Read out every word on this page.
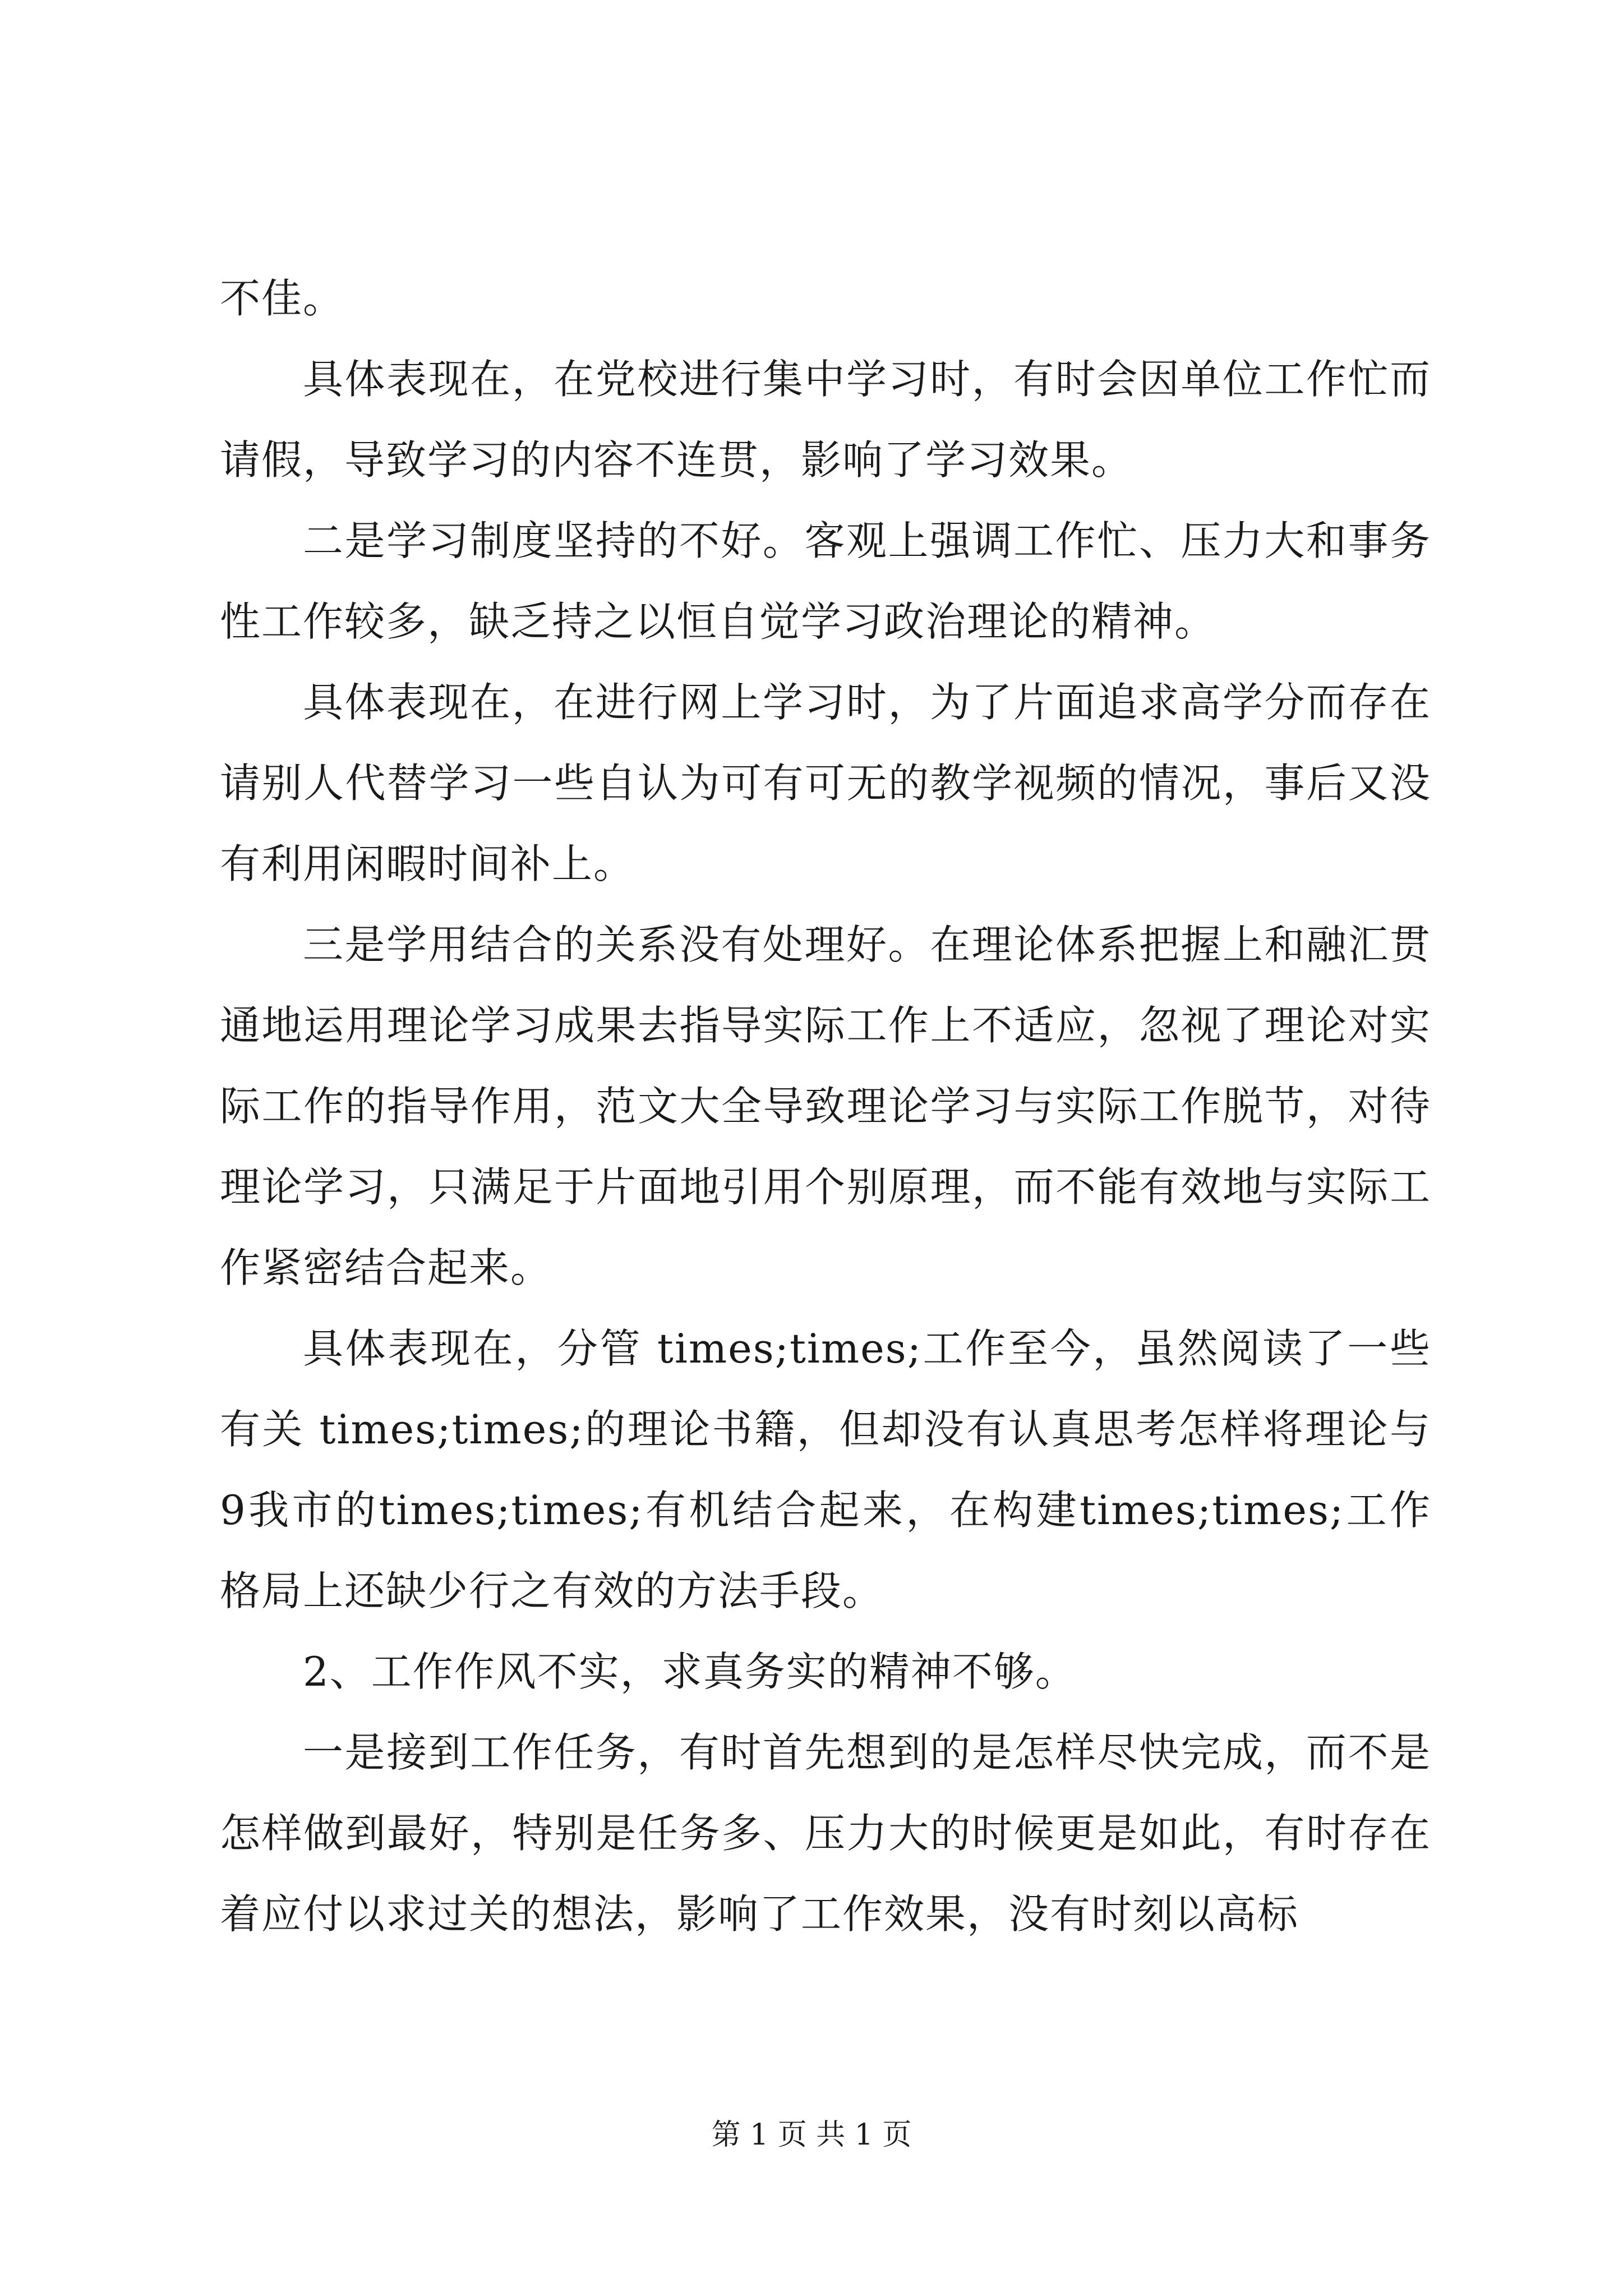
不佳。

具体表现在，在党校进行集中学习时，有时会因单位工作忙而请假，导致学习的内容不连贯，影响了学习效果。

二是学习制度坚持的不好。客观上强调工作忙、压力大和事务性工作较多，缺乏持之以恒自觉学习政治理论的精神。

具体表现在，在进行网上学习时，为了片面追求高学分而存在请别人代替学习一些自认为可有可无的教学视频的情况，事后又没有利用闲暇时间补上。

三是学用结合的关系没有处理好。在理论体系把握上和融汇贯通地运用理论学习成果去指导实际工作上不适应，忽视了理论对实际工作的指导作用，范文大全导致理论学习与实际工作脱节，对待理论学习，只满足于片面地引用个别原理，而不能有效地与实际工作紧密结合起来。

具体表现在，分管 times;times;工作至今，虽然阅读了一些有关 times;times;的理论书籍，但却没有认真思考怎样将理论与9我市的times;times;有机结合起来，在构建times;times;工作格局上还缺少行之有效的方法手段。

2、工作作风不实，求真务实的精神不够。

一是接到工作任务，有时首先想到的是怎样尽快完成，而不是怎样做到最好，特别是任务多、压力大的时候更是如此，有时存在着应付以求过关的想法，影响了工作效果，没有时刻以高标

第 1 页 共 1 页
